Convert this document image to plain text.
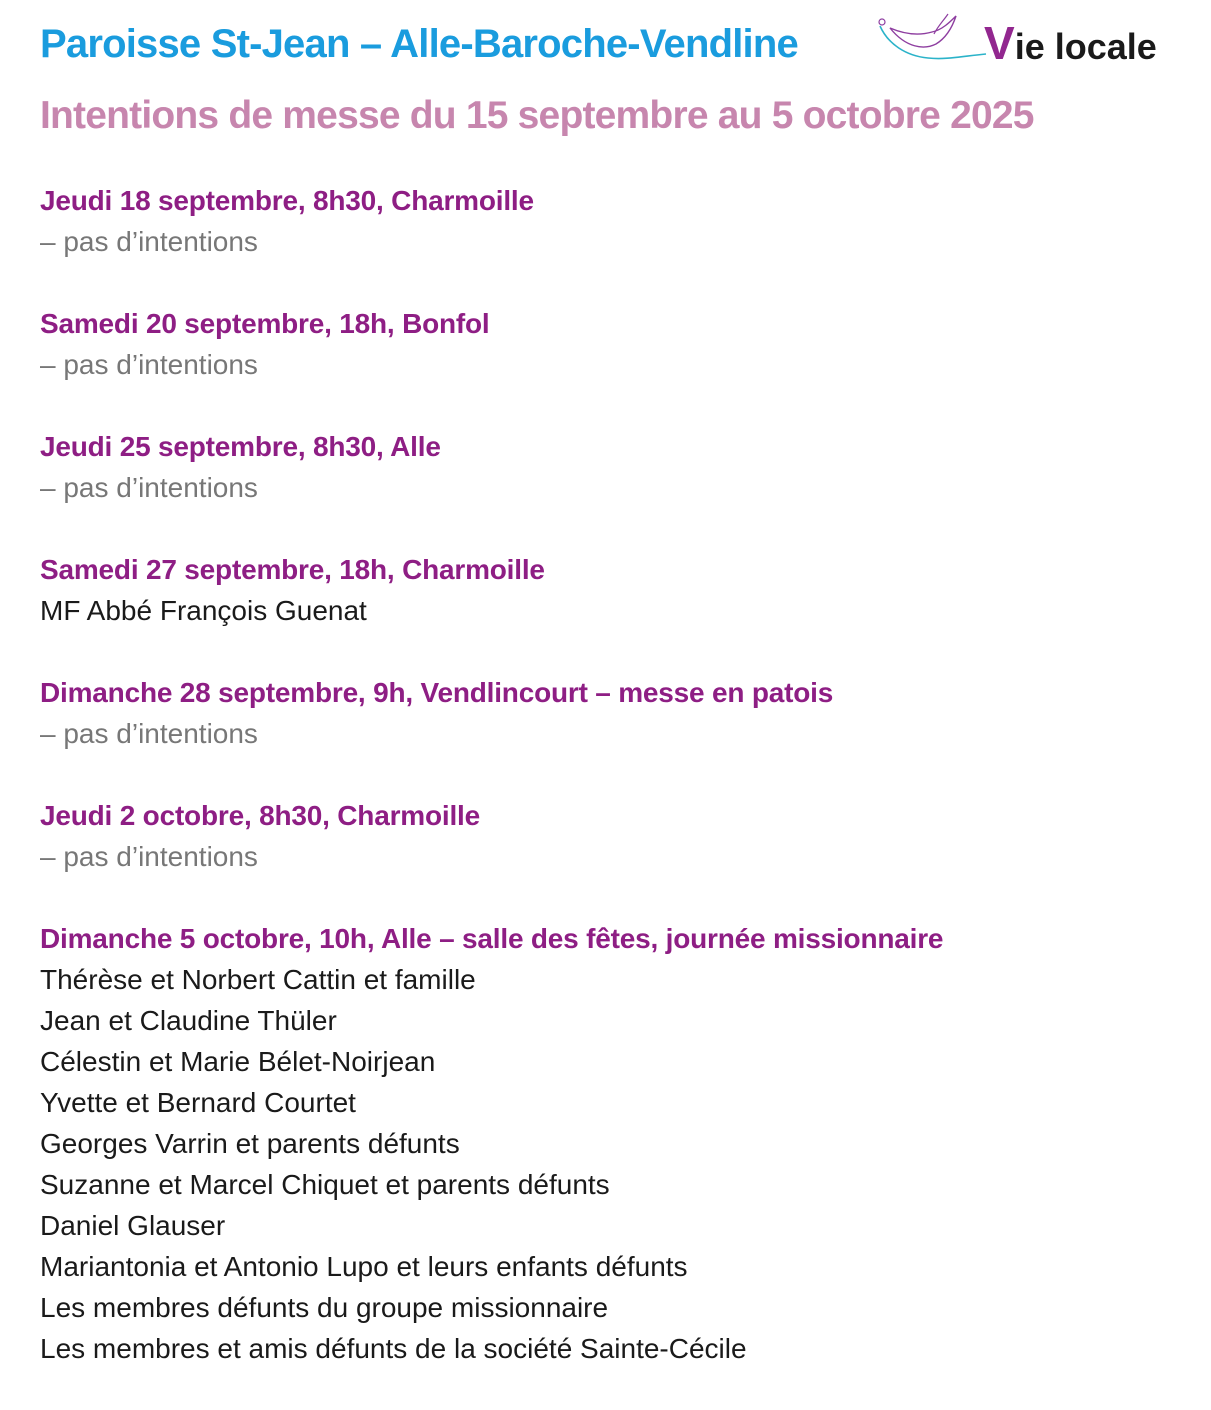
Paroisse St-Jean – Alle-Baroche-Vendline	Vie locale
Intentions de messe du 15 septembre au 5 octobre 2025
Jeudi 18 septembre, 8h30, Charmoille
– pas d’intentions
Samedi 20 septembre, 18h, Bonfol
– pas d’intentions
Jeudi 25 septembre, 8h30, Alle
– pas d’intentions
Samedi 27 septembre, 18h, Charmoille
MF Abbé François Guenat
Dimanche 28 septembre, 9h, Vendlincourt – messe en patois
– pas d’intentions
Jeudi 2 octobre, 8h30, Charmoille
– pas d’intentions
Dimanche 5 octobre, 10h, Alle – salle des fêtes, journée missionnaire
Thérèse et Norbert Cattin et famille
Jean et Claudine Thüler
Célestin et Marie Bélet-Noirjean
Yvette et Bernard Courtet
Georges Varrin et parents défunts
Suzanne et Marcel Chiquet et parents défunts
Daniel Glauser
Mariantonia et Antonio Lupo et leurs enfants défunts
Les membres défunts du groupe missionnaire
Les membres et amis défunts de la société Sainte-Cécile
